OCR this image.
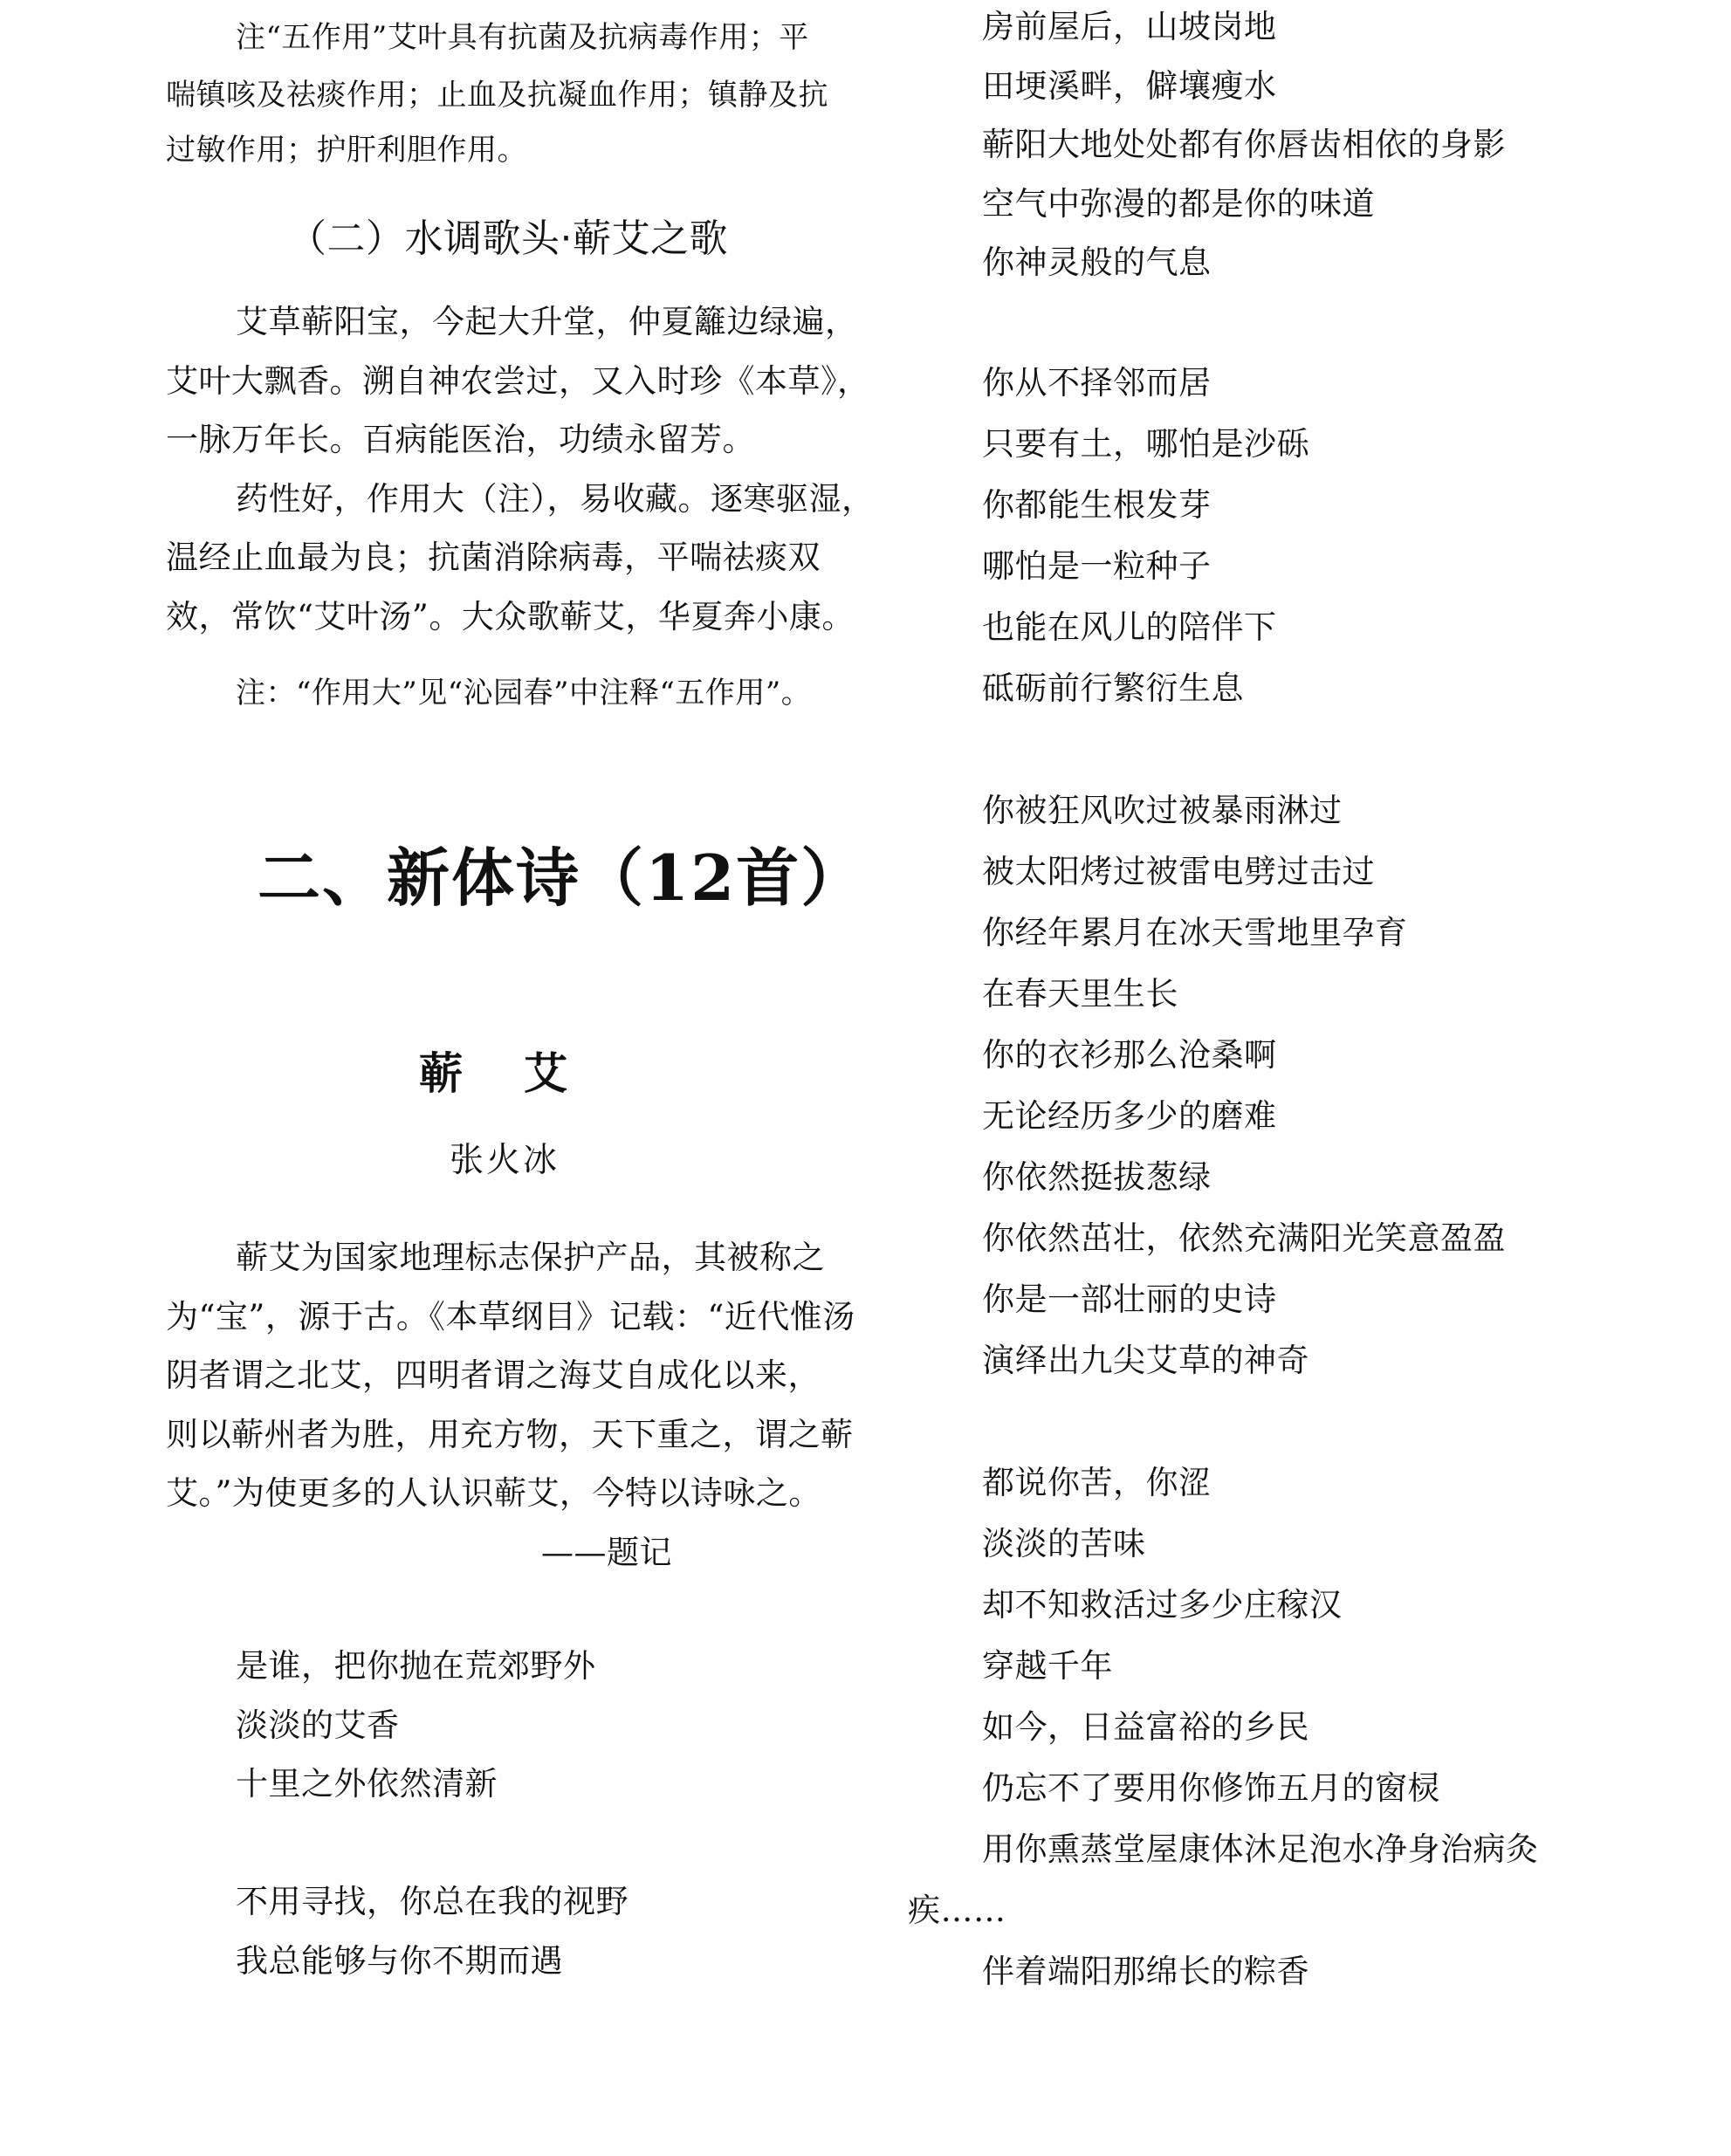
注“五作用”艾叶具有抗菌及抗病毒作用；平
喘镇咳及祛痰作用；止血及抗凝血作用；镇静及抗
过敏作用；护肝利胆作用。
（二）水调歌头·蕲艾之歌
艾草蕲阳宝，今起大升堂，仲夏籬边绿遍，
艾叶大飘香。溯自神农尝过，又入时珍《本草》，
一脉万年长。百病能医治，功绩永留芳。
药性好，作用大（注），易收藏。逐寒驱湿，
温经止血最为良；抗菌消除病毒，平喘祛痰双
效，常饮“艾叶汤”。大众歌蕲艾，华夏奔小康。
注：“作用大”见“沁园春”中注释“五作用”。
二、新体诗（12首）
蕲艾
张火冰
蕲艾为国家地理标志保护产品，其被称之
为“宝”，源于古。《本草纲目》记载：“近代惟汤
阴者谓之北艾，四明者谓之海艾自成化以来，
则以蕲州者为胜，用充方物，天下重之，谓之蕲
艾。”为使更多的人认识蕲艾，今特以诗咏之。
——题记
是谁，把你抛在荒郊野外
淡淡的艾香
十里之外依然清新
不用寻找，你总在我的视野
我总能够与你不期而遇
房前屋后，山坡岗地
田埂溪畔，僻壤瘦水
蕲阳大地处处都有你唇齿相依的身影
空气中弥漫的都是你的味道
你神灵般的气息
你从不择邻而居
只要有土，哪怕是沙砾
你都能生根发芽
哪怕是一粒种子
也能在风儿的陪伴下
砥砺前行繁衍生息
你被狂风吹过被暴雨淋过
被太阳烤过被雷电劈过击过
你经年累月在冰天雪地里孕育
在春天里生长
你的衣衫那么沧桑啊
无论经历多少的磨难
你依然挺拔葱绿
你依然茁壮，依然充满阳光笑意盈盈
你是一部壮丽的史诗
演绎出九尖艾草的神奇
都说你苦，你涩
淡淡的苦味
却不知救活过多少庄稼汉
穿越千年
如今，日益富裕的乡民
仍忘不了要用你修饰五月的窗棂
用你熏蒸堂屋康体沐足泡水净身治病灸
疾……
伴着端阳那绵长的粽香
